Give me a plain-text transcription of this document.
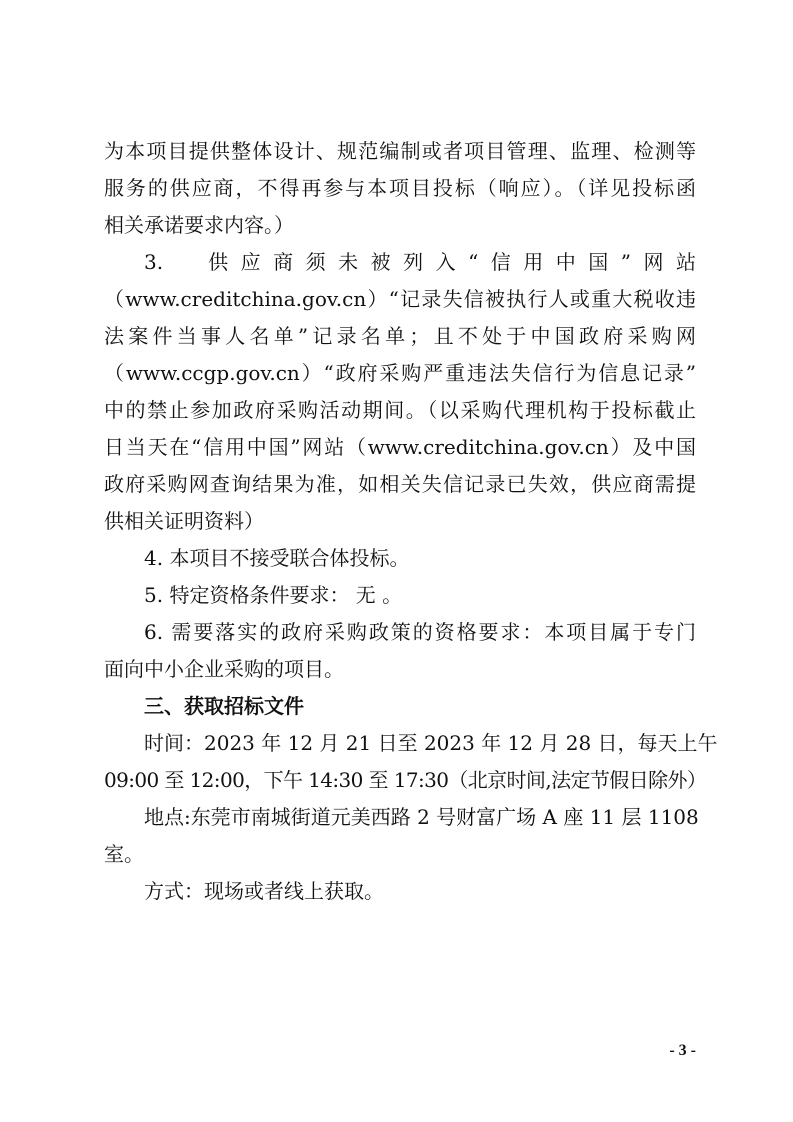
为本项目提供整体设计、规范编制或者项目管理、监理、检测等
服务的供应商，不得再参与本项目投标（响应）。（详见投标函
相关承诺要求内容。）

3.　供应商须未被列入“信用中国”网站
（www.creditchina.gov.cn）“记录失信被执行人或重大税收违
法案件当事人名单”记录名单；且不处于中国政府采购网
（www.ccgp.gov.cn）“政府采购严重违法失信行为信息记录”
中的禁止参加政府采购活动期间。（以采购代理机构于投标截止
日当天在“信用中国”网站（www.creditchina.gov.cn）及中国
政府采购网查询结果为准，如相关失信记录已失效，供应商需提
供相关证明资料）

4. 本项目不接受联合体投标。

5. 特定资格条件要求： 无 。

6. 需要落实的政府采购政策的资格要求：本项目属于专门
面向中小企业采购的项目。

三、获取招标文件

时间：2023 年 12 月 21 日至 2023 年 12 月 28 日，每天上午
09:00 至 12:00，下午 14:30 至 17:30（北京时间,法定节假日除外）

地点:东莞市南城街道元美西路 2 号财富广场 A 座 11 层 1108
室。

方式：现场或者线上获取。

- 3 -
